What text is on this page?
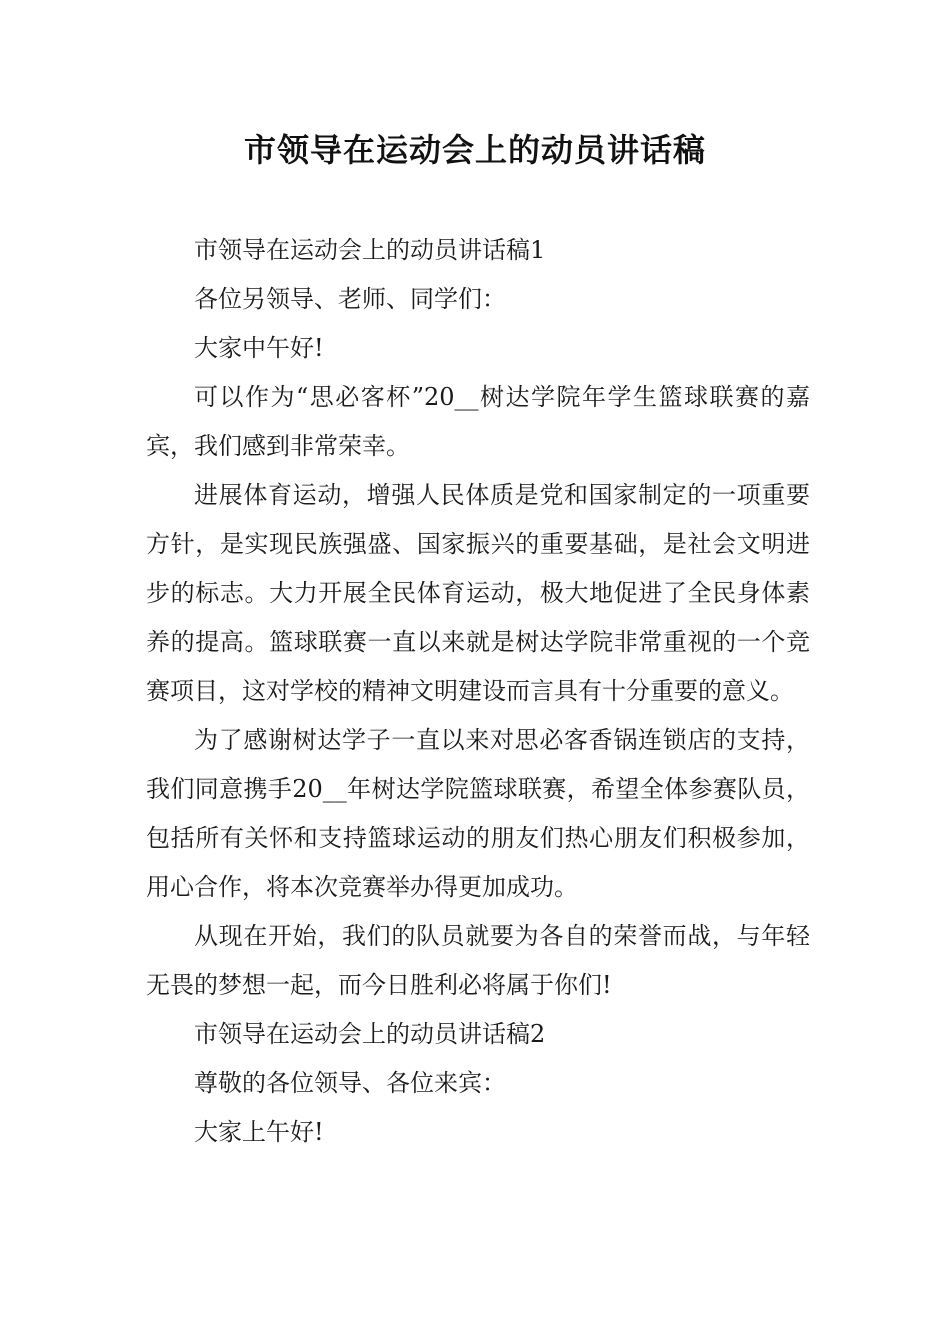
市领导在运动会上的动员讲话稿

市领导在运动会上的动员讲话稿1

各位另领导、老师、同学们：

大家中午好!

可以作为“思必客杯”20__树达学院年学生篮球联赛的嘉宾，我们感到非常荣幸。

进展体育运动，增强人民体质是党和国家制定的一项重要方针，是实现民族强盛、国家振兴的重要基础，是社会文明进步的标志。大力开展全民体育运动，极大地促进了全民身体素养的提高。篮球联赛一直以来就是树达学院非常重视的一个竞赛项目，这对学校的精神文明建设而言具有十分重要的意义。

为了感谢树达学子一直以来对思必客香锅连锁店的支持，我们同意携手20__年树达学院篮球联赛，希望全体参赛队员，包括所有关怀和支持篮球运动的朋友们热心朋友们积极参加，用心合作，将本次竞赛举办得更加成功。

从现在开始，我们的队员就要为各自的荣誉而战，与年轻无畏的梦想一起，而今日胜利必将属于你们!

市领导在运动会上的动员讲话稿2

尊敬的各位领导、各位来宾：

大家上午好!
